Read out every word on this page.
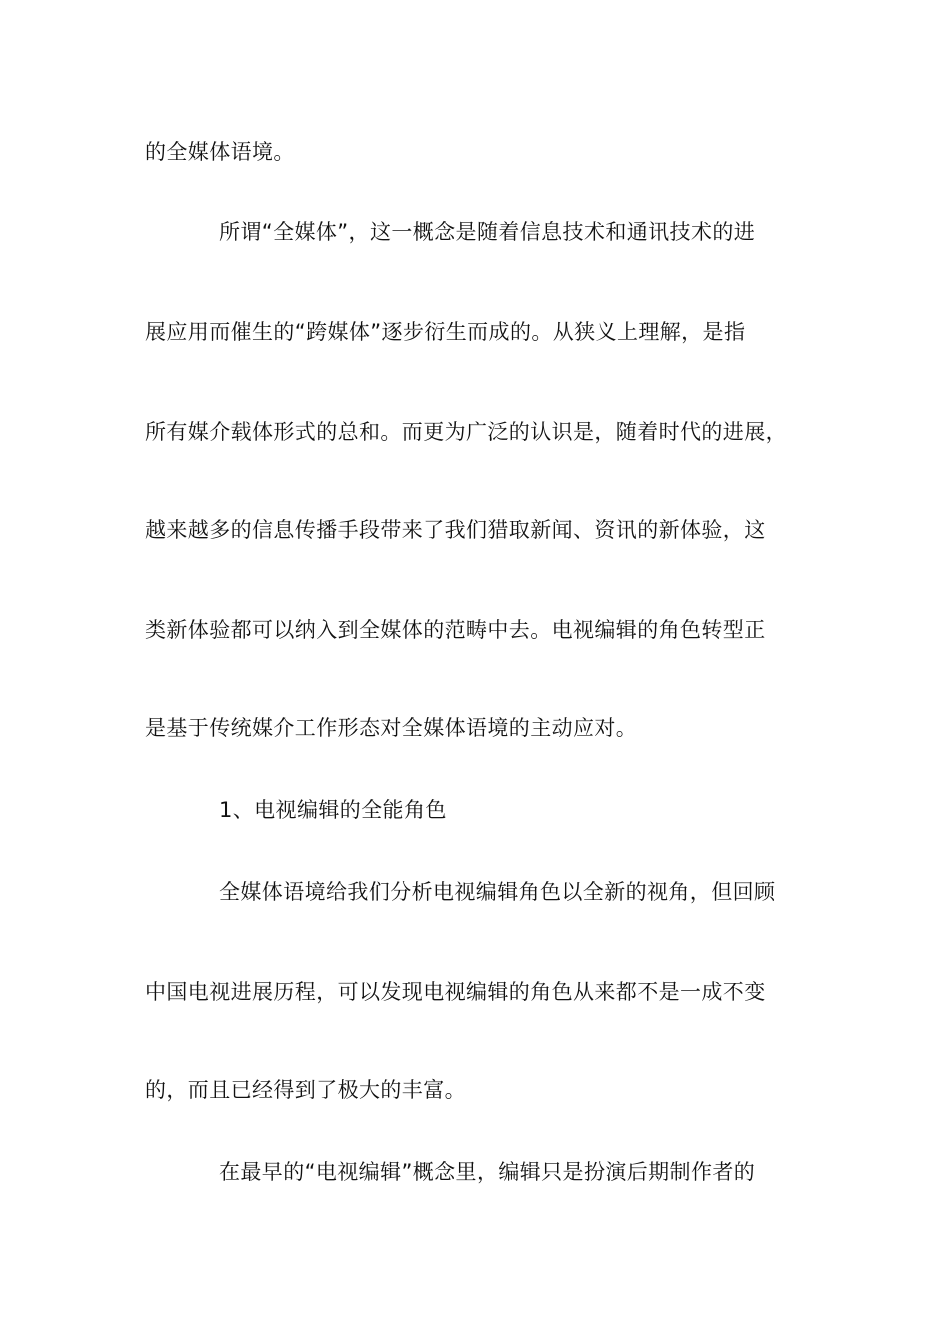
的全媒体语境。
所谓“全媒体”，这一概念是随着信息技术和通讯技术的进
展应用而催生的“跨媒体”逐步衍生而成的。从狭义上理解，是指
所有媒介载体形式的总和。而更为广泛的认识是，随着时代的进展，
越来越多的信息传播手段带来了我们猎取新闻、资讯的新体验，这
类新体验都可以纳入到全媒体的范畴中去。电视编辑的角色转型正
是基于传统媒介工作形态对全媒体语境的主动应对。
1、电视编辑的全能角色
全媒体语境给我们分析电视编辑角色以全新的视角，但回顾
中国电视进展历程，可以发现电视编辑的角色从来都不是一成不变
的，而且已经得到了极大的丰富。
在最早的“电视编辑”概念里，编辑只是扮演后期制作者的
